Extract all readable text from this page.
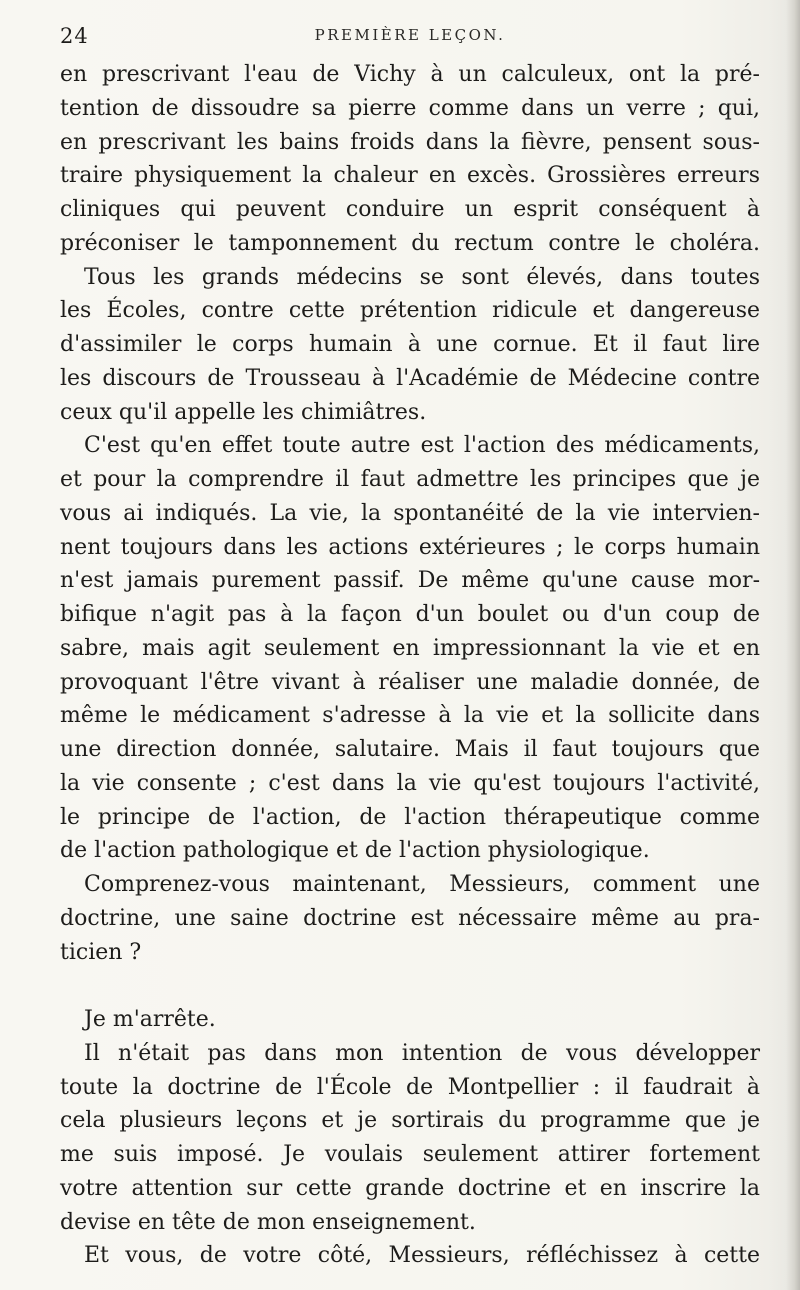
24	PREMIÈRE LEÇON.
en prescrivant l'eau de Vichy à un calculeux, ont la pré-
tention de dissoudre sa pierre comme dans un verre ; qui,
en prescrivant les bains froids dans la fièvre, pensent sous-
traire physiquement la chaleur en excès. Grossières erreurs
cliniques qui peuvent conduire un esprit conséquent à
préconiser le tamponnement du rectum contre le choléra.
Tous les grands médecins se sont élevés, dans toutes
les Écoles, contre cette prétention ridicule et dangereuse
d'assimiler le corps humain à une cornue. Et il faut lire
les discours de Trousseau à l'Académie de Médecine contre
ceux qu'il appelle les chimiâtres.
C'est qu'en effet toute autre est l'action des médicaments,
et pour la comprendre il faut admettre les principes que je
vous ai indiqués. La vie, la spontanéité de la vie intervien-
nent toujours dans les actions extérieures ; le corps humain
n'est jamais purement passif. De même qu'une cause mor-
bifique n'agit pas à la façon d'un boulet ou d'un coup de
sabre, mais agit seulement en impressionnant la vie et en
provoquant l'être vivant à réaliser une maladie donnée, de
même le médicament s'adresse à la vie et la sollicite dans
une direction donnée, salutaire. Mais il faut toujours que
la vie consente ; c'est dans la vie qu'est toujours l'activité,
le principe de l'action, de l'action thérapeutique comme
de l'action pathologique et de l'action physiologique.
Comprenez-vous maintenant, Messieurs, comment une
doctrine, une saine doctrine est nécessaire même au pra-
ticien ?
Je m'arrête.
Il n'était pas dans mon intention de vous développer
toute la doctrine de l'École de Montpellier : il faudrait à
cela plusieurs leçons et je sortirais du programme que je
me suis imposé. Je voulais seulement attirer fortement
votre attention sur cette grande doctrine et en inscrire la
devise en tête de mon enseignement.
Et vous, de votre côté, Messieurs, réfléchissez à cette
